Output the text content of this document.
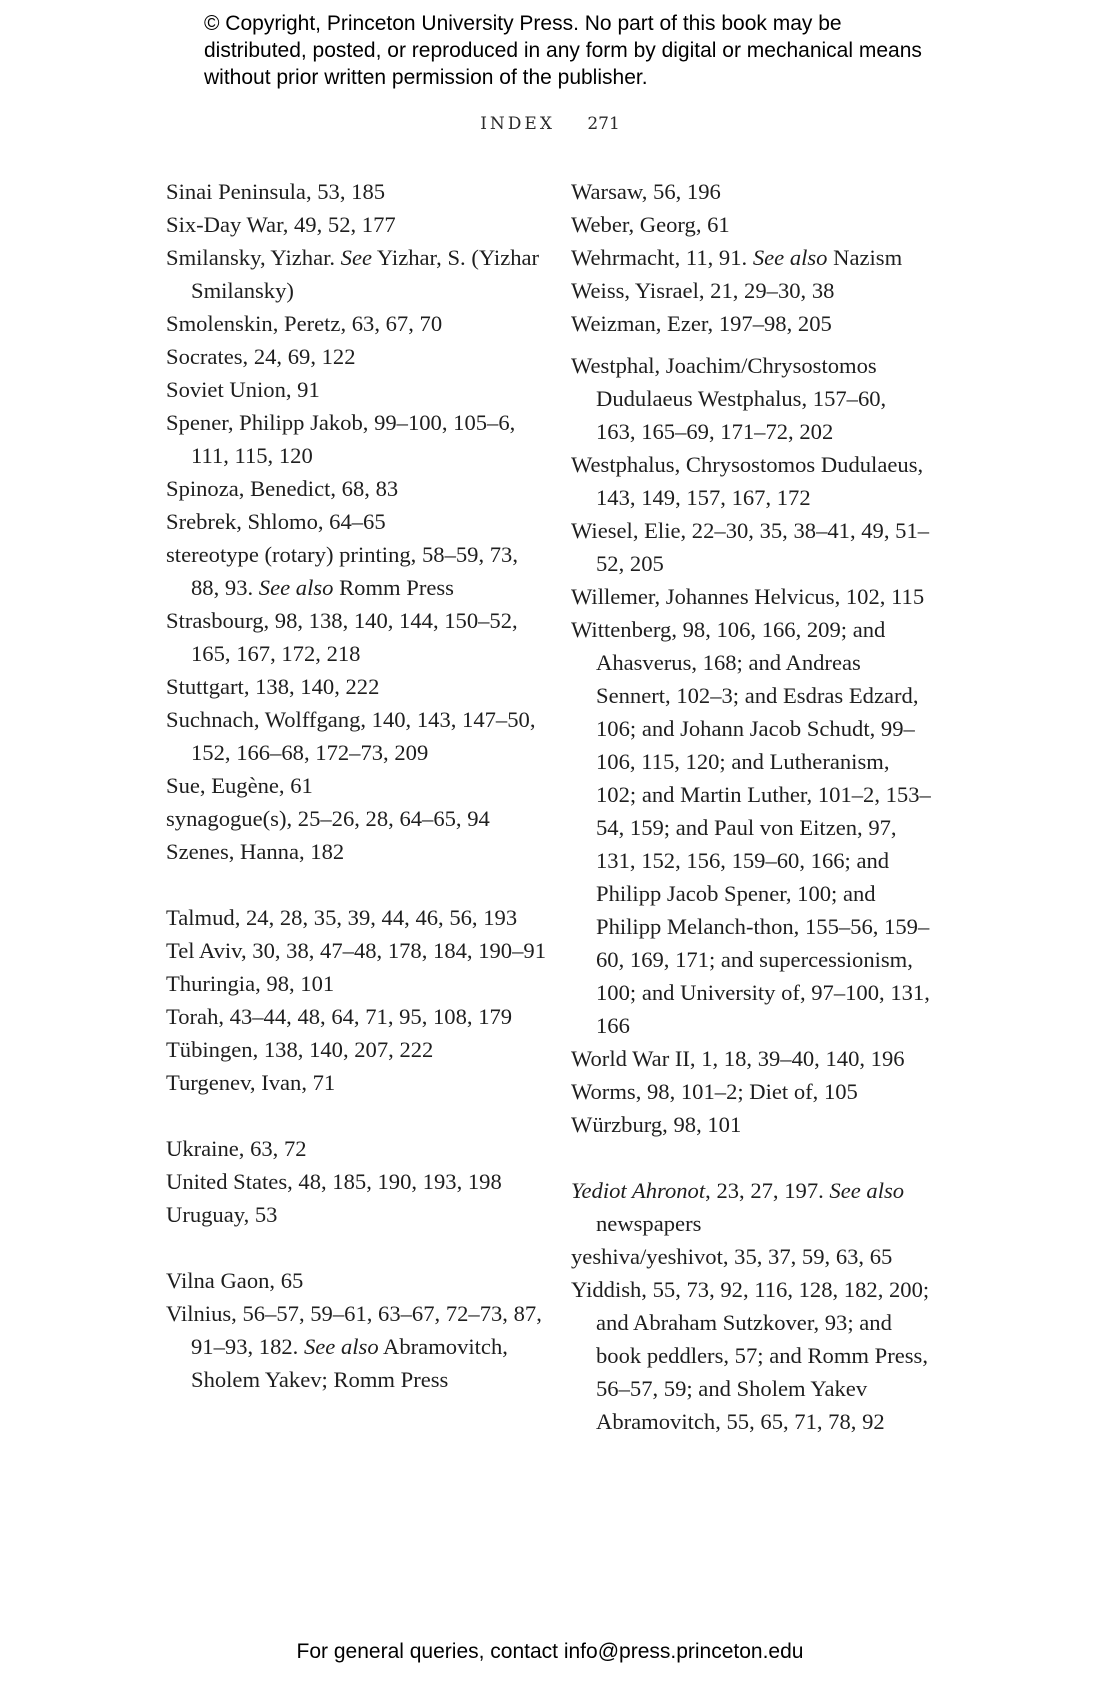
© Copyright, Princeton University Press. No part of this book may be distributed, posted, or reproduced in any form by digital or mechanical means without prior written permission of the publisher.
INDEX 271
Sinai Peninsula, 53, 185
Six-Day War, 49, 52, 177
Smilansky, Yizhar. See Yizhar, S. (Yizhar Smilansky)
Smolenskin, Peretz, 63, 67, 70
Socrates, 24, 69, 122
Soviet Union, 91
Spener, Philipp Jakob, 99–100, 105–6, 111, 115, 120
Spinoza, Benedict, 68, 83
Srebrek, Shlomo, 64–65
stereotype (rotary) printing, 58–59, 73, 88, 93. See also Romm Press
Strasbourg, 98, 138, 140, 144, 150–52, 165, 167, 172, 218
Stuttgart, 138, 140, 222
Suchnach, Wolffgang, 140, 143, 147–50, 152, 166–68, 172–73, 209
Sue, Eugène, 61
synagogue(s), 25–26, 28, 64–65, 94
Szenes, Hanna, 182
Talmud, 24, 28, 35, 39, 44, 46, 56, 193
Tel Aviv, 30, 38, 47–48, 178, 184, 190–91
Thuringia, 98, 101
Torah, 43–44, 48, 64, 71, 95, 108, 179
Tübingen, 138, 140, 207, 222
Turgenev, Ivan, 71
Ukraine, 63, 72
United States, 48, 185, 190, 193, 198
Uruguay, 53
Vilna Gaon, 65
Vilnius, 56–57, 59–61, 63–67, 72–73, 87, 91–93, 182. See also Abramovitch, Sholem Yakev; Romm Press
Warsaw, 56, 196
Weber, Georg, 61
Wehrmacht, 11, 91. See also Nazism
Weiss, Yisrael, 21, 29–30, 38
Weizman, Ezer, 197–98, 205
Westphal, Joachim/Chrysostomos Dudulaeus Westphalus, 157–60, 163, 165–69, 171–72, 202
Westphalus, Chrysostomos Dudulaeus, 143, 149, 157, 167, 172
Wiesel, Elie, 22–30, 35, 38–41, 49, 51–52, 205
Willemer, Johannes Helvicus, 102, 115
Wittenberg, 98, 106, 166, 209; and Ahasverus, 168; and Andreas Sennert, 102–3; and Esdras Edzard, 106; and Johann Jacob Schudt, 99–106, 115, 120; and Lutheranism, 102; and Martin Luther, 101–2, 153–54, 159; and Paul von Eitzen, 97, 131, 152, 156, 159–60, 166; and Philipp Jacob Spener, 100; and Philipp Melanch-thon, 155–56, 159–60, 169, 171; and supercessionism, 100; and University of, 97–100, 131, 166
World War II, 1, 18, 39–40, 140, 196
Worms, 98, 101–2; Diet of, 105
Würzburg, 98, 101
Yediot Ahronot, 23, 27, 197. See also newspapers
yeshiva/yeshivot, 35, 37, 59, 63, 65
Yiddish, 55, 73, 92, 116, 128, 182, 200; and Abraham Sutzkover, 93; and book peddlers, 57; and Romm Press, 56–57, 59; and Sholem Yakev Abramovitch, 55, 65, 71, 78, 92
For general queries, contact info@press.princeton.edu
